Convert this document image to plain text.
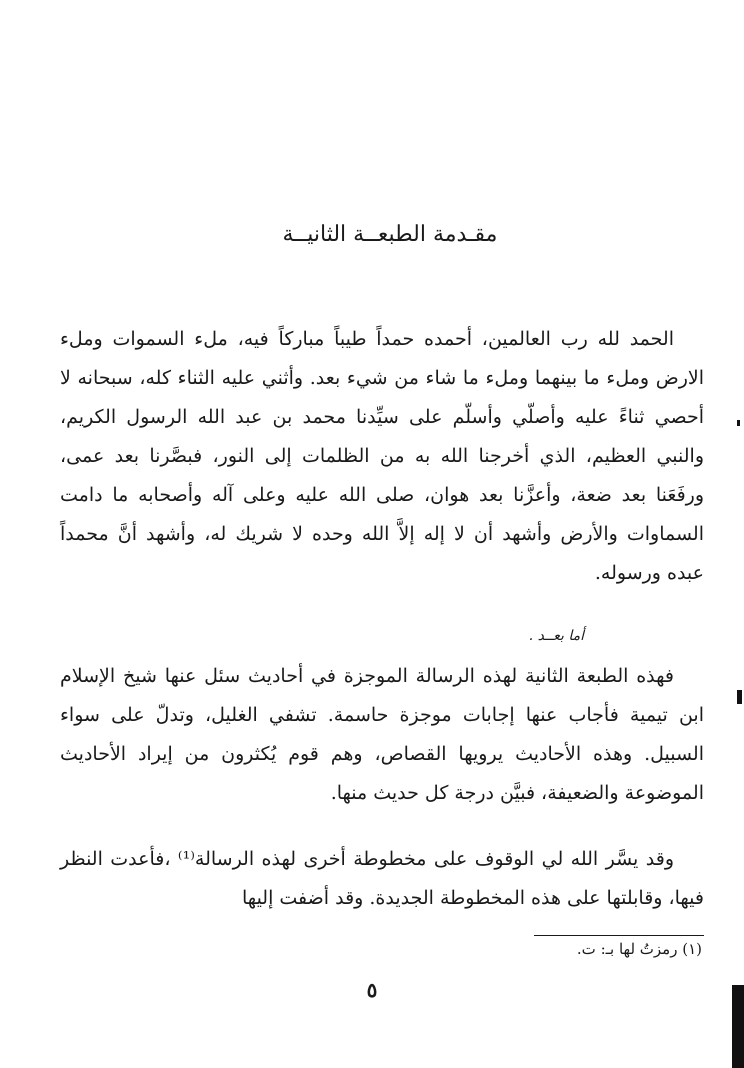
مقـدمة الطبعــة الثانيــة

الحمد لله رب العالمين، أحمده حمداً طيباً مباركاً فيه، ملء السموات وملء الارض وملء ما بينهما وملء ما شاء من شيء بعد. وأثني عليه الثناء كله، سبحانه لا أحصي ثناءً عليه وأصلّي وأسلّم على سيِّدنا محمد بن عبد الله الرسول الكريم، والنبي العظيم، الذي أخرجنا الله به من الظلمات إلى النور، فبصَّرنا بعد عمى، ورفَعَنا بعد ضعة، وأعزَّنا بعد هوان، صلى الله عليه وعلى آله وأصحابه ما دامت السماوات والأرض وأشهد أن لا إله إلاَّ الله وحده لا شريك له، وأشهد أنَّ محمداً عبده ورسوله.

أما بعــد .

فهذه الطبعة الثانية لهذه الرسالة الموجزة في أحاديث سئل عنها شيخ الإسلام ابن تيمية فأجاب عنها إجابات موجزة حاسمة. تشفي الغليل، وتدلّ على سواء السبيل. وهذه الأحاديث يرويها القصاص، وهم قوم يُكثرون من إيراد الأحاديث الموضوعة والضعيفة، فبيَّن درجة كل حديث منها.

وقد يسَّر الله لي الوقوف على مخطوطة أخرى لهذه الرسالة⁽¹⁾ ،فأعدت النظر فيها، وقابلتها على هذه المخطوطة الجديدة. وقد أضفت إليها

(١) رمزتُ لها بـ: ت.
٥
